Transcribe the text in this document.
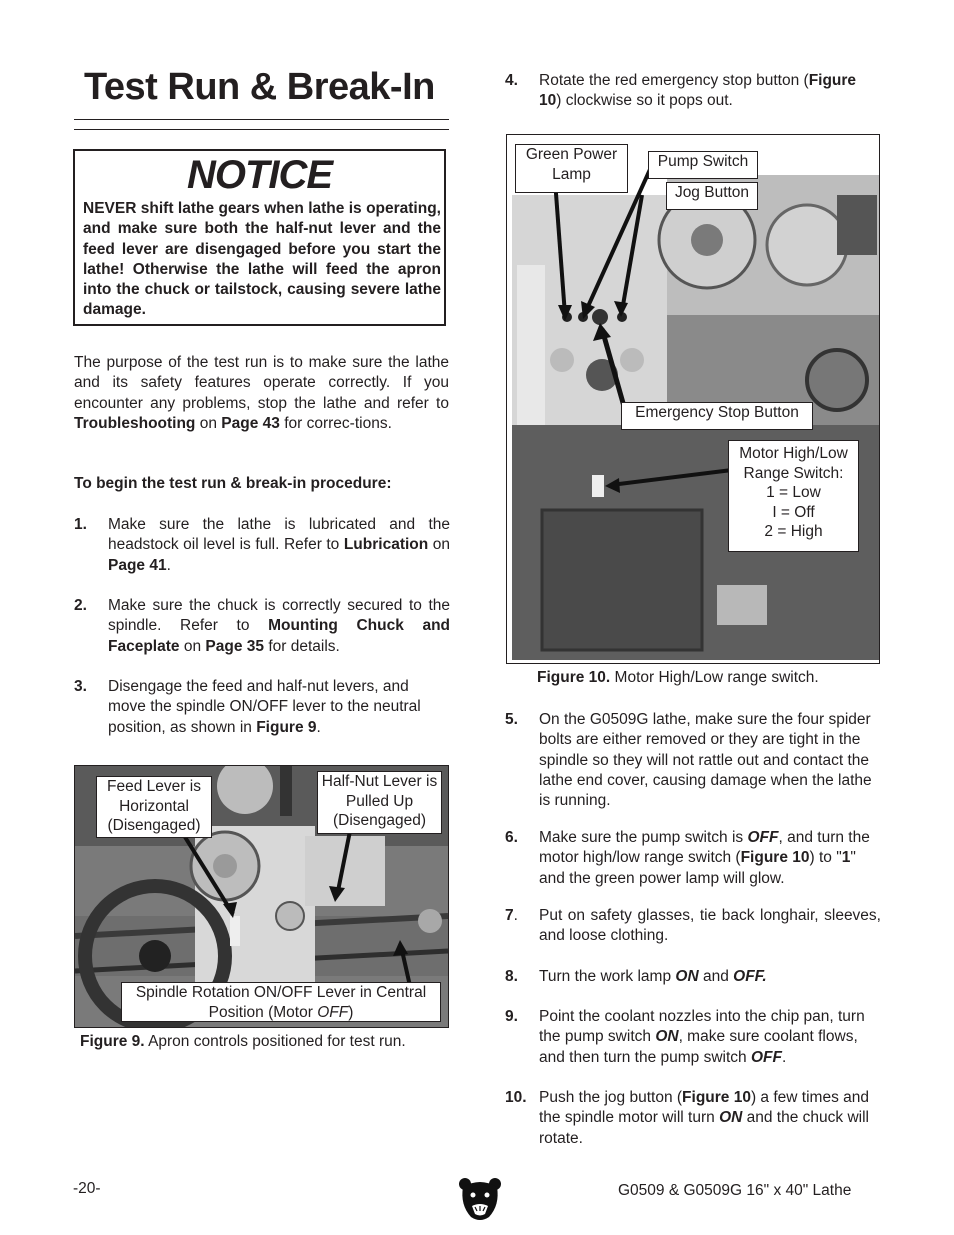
Test Run & Break-In
NOTICE
NEVER shift lathe gears when lathe is operating, and make sure both the half-nut lever and the feed lever are disengaged before you start the lathe! Otherwise the lathe will feed the apron into the chuck or tailstock, causing severe lathe damage.
The purpose of the test run is to make sure the lathe and its safety features operate correctly. If you encounter any problems, stop the lathe and refer to Troubleshooting on Page 43 for correc-tions.
To begin the test run & break-in procedure:
1. Make sure the lathe is lubricated and the headstock oil level is full. Refer to Lubrication on Page 41.
2. Make sure the chuck is correctly secured to the spindle. Refer to Mounting Chuck and Faceplate on Page 35 for details.
3. Disengage the feed and half-nut levers, and move the spindle ON/OFF lever to the neutral position, as shown in Figure 9.
Feed Lever is Horizontal (Disengaged)
Half-Nut Lever is Pulled Up (Disengaged)
Spindle Rotation ON/OFF Lever in Central Position (Motor OFF)
Figure 9. Apron controls positioned for test run.
4. Rotate the red emergency stop button (Figure 10) clockwise so it pops out.
Green Power Lamp
Pump Switch
Jog Button
Emergency Stop Button
Motor High/Low
Range Switch:
1 = Low
I = Off
2 = High
Figure 10. Motor High/Low range switch.
5. On the G0509G lathe, make sure the four spider bolts are either removed or they are tight in the spindle so they will not rattle out and contact the lathe end cover, causing damage when the lathe is running.
6. Make sure the pump switch is OFF, and turn the motor high/low range switch (Figure 10) to "1" and the green power lamp will glow.
7. Put on safety glasses, tie back longhair, sleeves, and loose clothing.
8. Turn the work lamp ON and OFF.
9. Point the coolant nozzles into the chip pan, turn the pump switch ON, make sure coolant flows, and then turn the pump switch OFF.
10. Push the jog button (Figure 10) a few times and the spindle motor will turn ON and the chuck will rotate.
-20-	G0509 & G0509G 16" x 40" Lathe
